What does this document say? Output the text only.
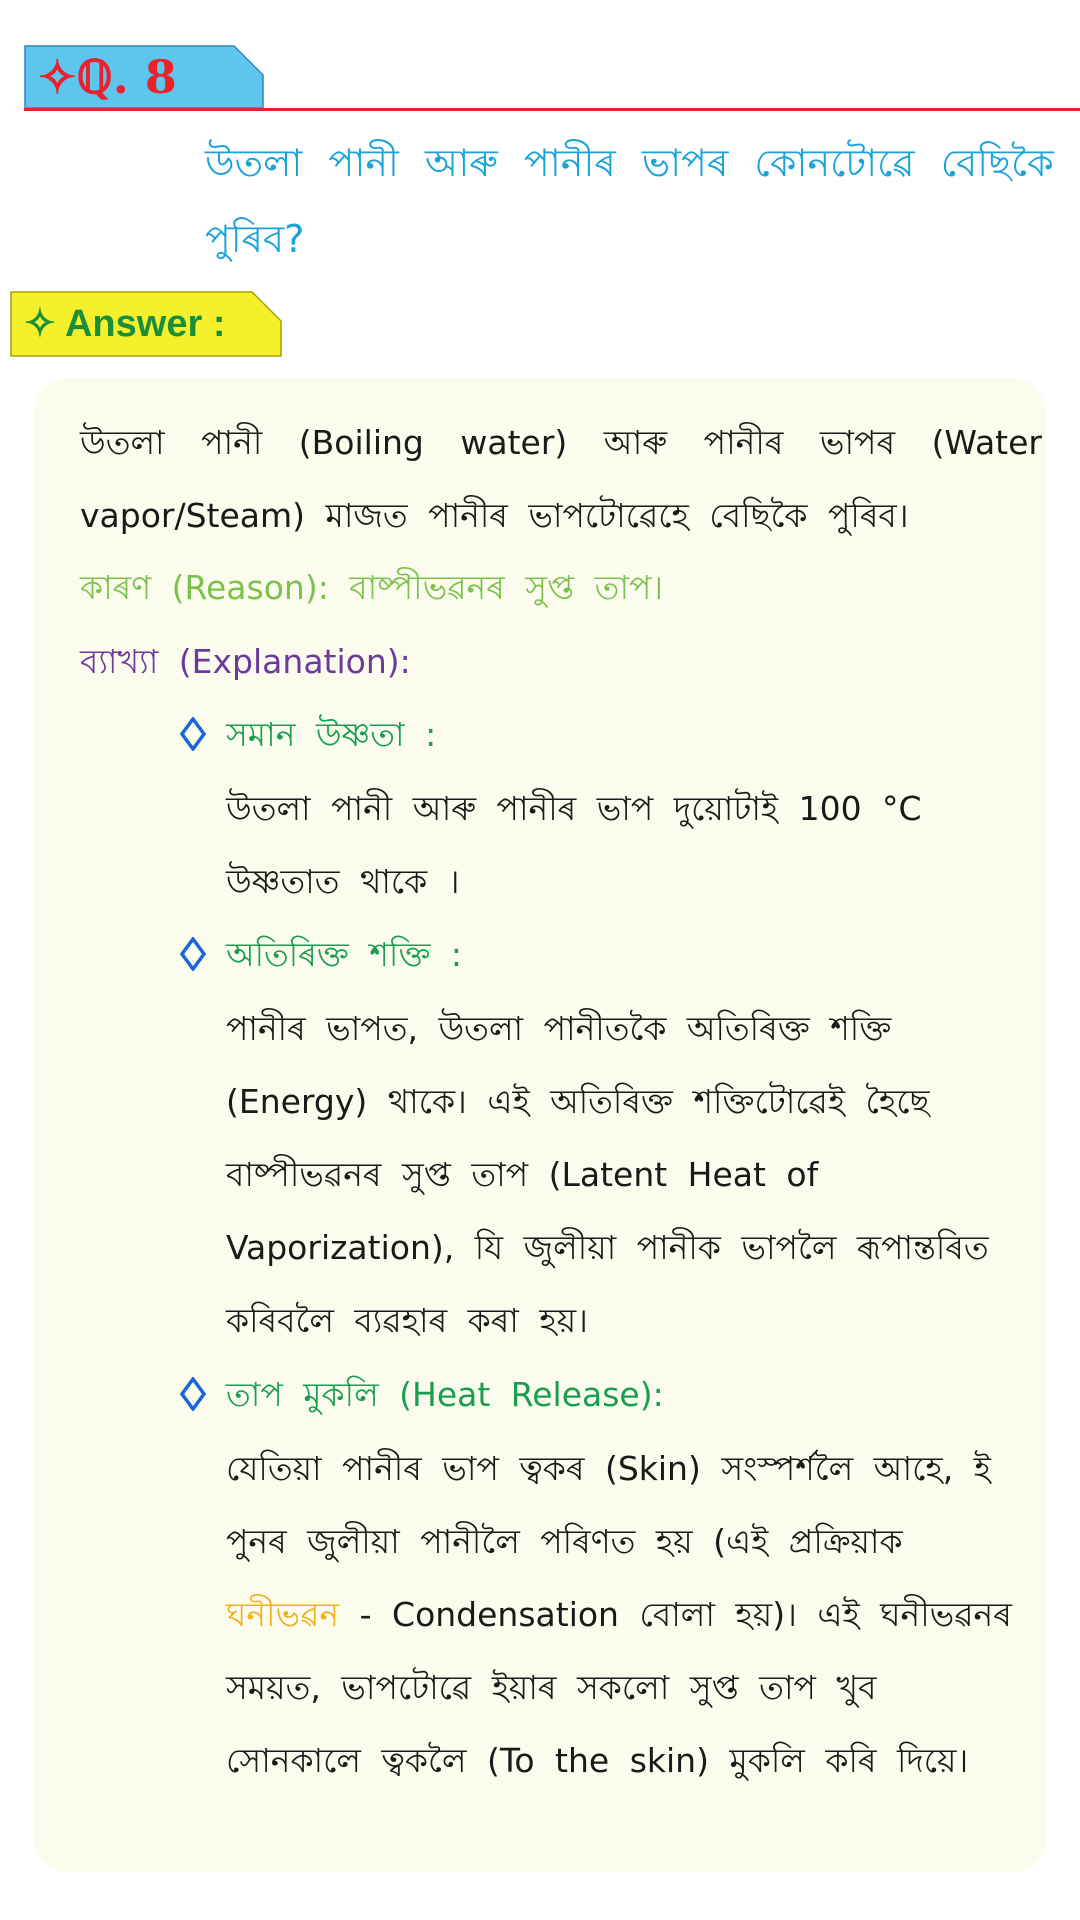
✧ℚ. 8
উতলা পানী আৰু পানীৰ ভাপৰ কোনটোৱে বেছিকৈ পুৰিব?
✧ Answer :
উতলা পানী (Boiling water) আৰু পানীৰ ভাপৰ (Water vapor/Steam) মাজত পানীৰ ভাপটোৱেহে বেছিকৈ পুৰিব।
কাৰণ (Reason): বাষ্পীভৱনৰ সুপ্ত তাপ।
ব্যাখ্যা (Explanation):
সমান উষ্ণতা :
উতলা পানী আৰু পানীৰ ভাপ দুয়োটাই 100 °C উষ্ণতাত থাকে ।
অতিৰিক্ত শক্তি :
পানীৰ ভাপত, উতলা পানীতকৈ অতিৰিক্ত শক্তি (Energy) থাকে। এই অতিৰিক্ত শক্তিটোৱেই হৈছে বাষ্পীভৱনৰ সুপ্ত তাপ (Latent Heat of Vaporization), যি জুলীয়া পানীক ভাপলৈ ৰূপান্তৰিত কৰিবলৈ ব্যৱহাৰ কৰা হয়।
তাপ মুকলি (Heat Release):
যেতিয়া পানীৰ ভাপ ত্বকৰ (Skin) সংস্পৰ্শলৈ আহে, ই পুনৰ জুলীয়া পানীলৈ পৰিণত হয় (এই প্ৰক্ৰিয়াক ঘনীভৱন - Condensation বোলা হয়)। এই ঘনীভৱনৰ সময়ত, ভাপটোৱে ইয়াৰ সকলো সুপ্ত তাপ খুব সোনকালে ত্বকলৈ (To the skin) মুকলি কৰি দিয়ে।
